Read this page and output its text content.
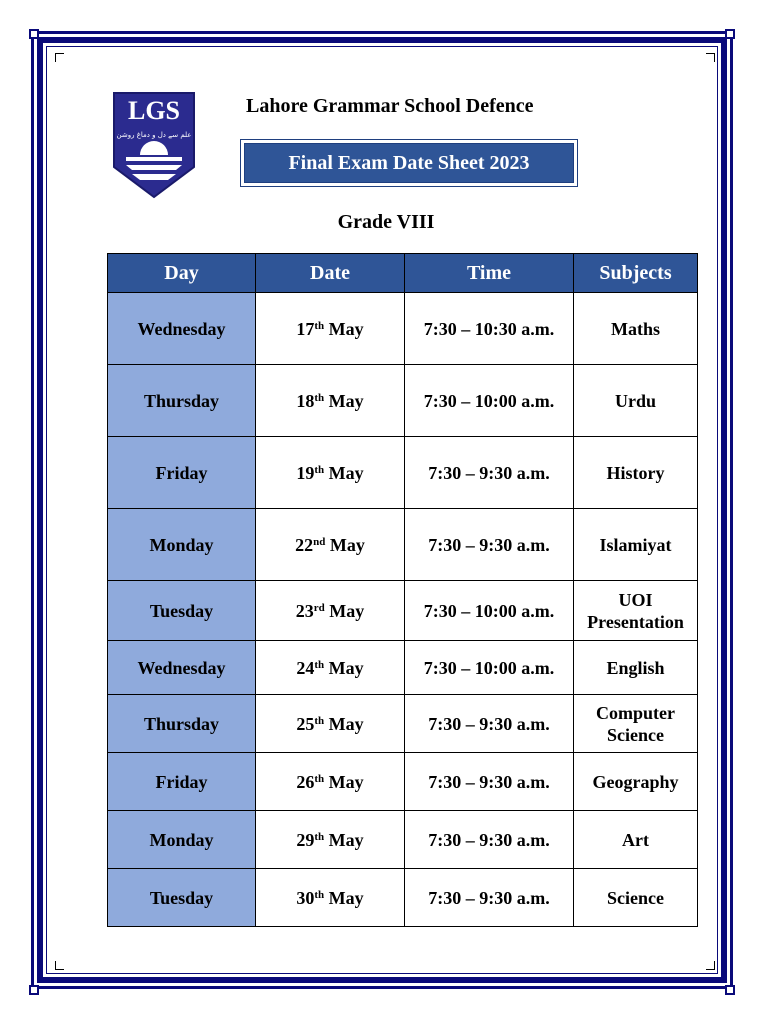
LGS
علم سے دل و دماغ روشن
Lahore Grammar School Defence
Final Exam Date Sheet 2023
Grade VIII
Day	Date	Time	Subjects
Wednesday	17th May	7:30 – 10:30 a.m.	Maths
Thursday	18th May	7:30 – 10:00 a.m.	Urdu
Friday	19th May	7:30 – 9:30 a.m.	History
Monday	22nd May	7:30 – 9:30 a.m.	Islamiyat
Tuesday	23rd May	7:30 – 10:00 a.m.	UOI
Presentation

Wednesday	24th May	7:30 – 10:00 a.m.	English
Thursday	25th May	7:30 – 9:30 a.m.	Computer
Science

Friday	26th May	7:30 – 9:30 a.m.	Geography
Monday	29th May	7:30 – 9:30 a.m.	Art
Tuesday	30th May	7:30 – 9:30 a.m.	Science
